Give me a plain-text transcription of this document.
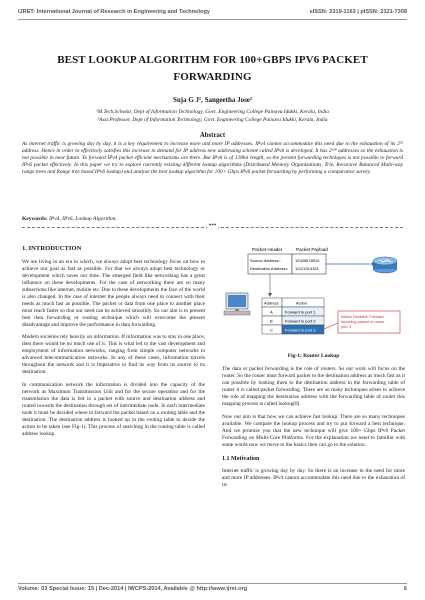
IJRET: International Journal of Research in Engineering and Technology	eISSN: 2319-1163 | pISSN: 2321-7308
BEST LOOKUP ALGORITHM FOR 100+GBPS IPV6 PACKET FORWARDING
Suja G J¹, Sangeetha Jose²
¹M.Tech.Scholar, Dept of Information Technology, Govt. Engineering College Painavu Idukki, Kerala, India
²Asst.Professor, Dept of Information Technology, Govt. Engineering College Painavu Idukki, Kerala, India
Abstract
As internet traffic is growing day by day, it is a key requirement to increase more and more IP addresses. IPv4 cannot accommodate this need due to the exhaustion of its 2³² address. Hence in order to effectively satisfies this increase in demand for IP address new addressing scheme called IPv6 is developed. It has 2¹²⁸ addresses so the exhaustion is not possible in near future. To forward IPv4 packet efficient mechanisms are there. But IPv6 is of 128bit length, so the present forwarding techniques is not possible to forward IPv6 packet effectively. In this paper we try to explore currently existing different lookup algorithms (Distributed Memory Organizations, Trie, Recursive Balanced Multi-way range trees and Range tree based IPv6 lookup) and analyze the best lookup algorithm for 100+ Gbps IPv6 packet forwarding by performing a comparative survey.
Keywords: IPv4, IPv6, Lookup Algorithm.
***
1. INTRODUCTION

We are living in an era in which, we always adopt best technology focus on how to achieve our goal as fast as possible. For that we always adopt best technology or development which saves our time. The emerged field like networking has a great influence on these developments. For the case of networking there are so many subsections like internet, mobile etc. Due to these developments the face of the world is also changed. In the case of internet the people always need to connect with their needs as much fast as possible. The packet or data from one place to another place must reach faster so that our need can be achieved smoothly. So our aim is to present best data forwarding or routing technique which will overcome the present disadvantage and improve the performance in data forwarding.

Modern societies rely heavily on information. If information was to stay in one place, then there would be no much use of it. This is what led to the vast development and employment of information networks, ranging from simple computer networks to advanced telecommunication networks. In any of these cases, information travels throughout the network and it is imperative to find its way from its source to its destination.

In communication network the information is divided into the capacity of the network as Maximum Transmission Unit and for the secure operation and for the transmission the data is fed in a packet with source and destination address and routed towards the destination through set of intermediate node. In each intermediate node it must be decided where to forward the packet based on a routing table and the destination. The destination address is looked up in the routing table to decide the action to be taken (see Fig-1). This process of searching in the routing table is called address lookup.

Packet Header	Packet Payload
Source Address=
Destination Address=
12345678910
11121314151
Address	Action
A	Forward to port 1
B	Forward to port 2
C	Forward to port 3
Action Decided: Forward incoming packet to router port 3
Fig-1: Router Lookup

The data or packet forwarding is the role of routers. So our work will focus on the router. So the router must forward packet to the destination address as much fast as it can possible by looking them to the destination address in the forwarding table of router it is called packet forwarding. There are so many techniques arises to achieve the role of mapping the destination address with the forwarding table of router this mapping process is called lookup[8].

Now our aim is that how we can achieve fast lookup. There are so many techniques available. We compare the lookup process and try to put forward a best technique. And we promise you that the new technique will give 100+ Gbps IPv6 Packet Forwarding on Multi-Core Platforms. For the explanation we need to familiar with some words now we move to the basics then can go to the solution.

1.1 Motivation

Internet traffic is growing day by day. So there is an increase in the need for more and more IP addresses. IPv4 cannot accommodate this need due to the exhaustion of its

Volume: 03 Special Issue: 15 | Dec-2014 | IWCPS-2014, Available @ http://www.ijret.org	6
